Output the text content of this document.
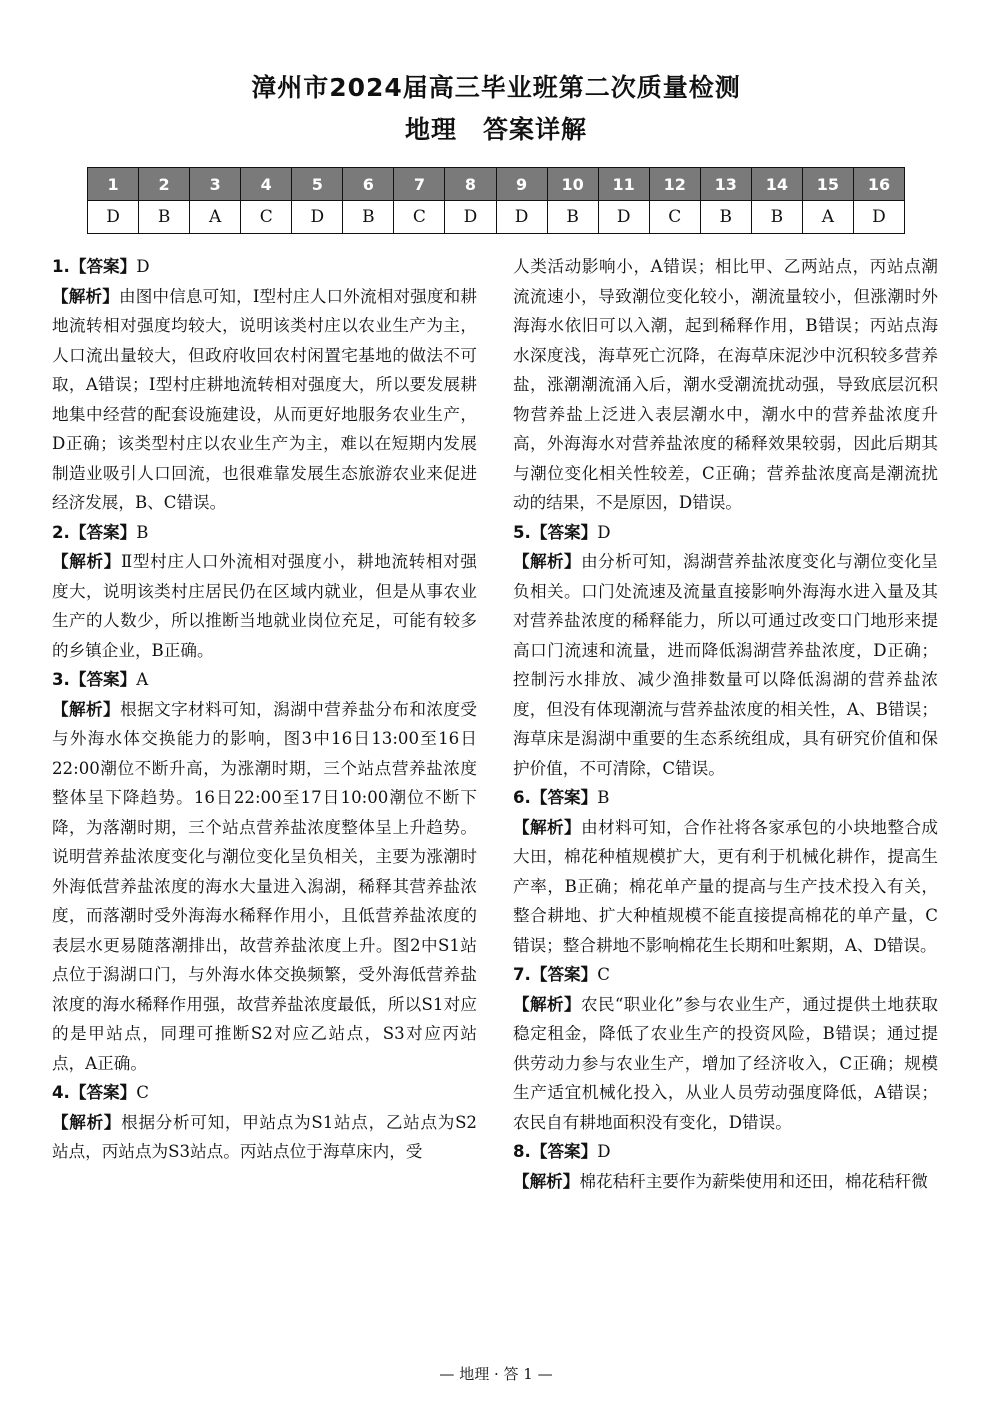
漳州市2024届高三毕业班第二次质量检测
地理　答案详解
1	2	3	4	5	6	7	8	9	10	11	12	13	14	15	16
D	B	A	C	D	B	C	D	D	B	D	C	B	B	A	D

1.【答案】D

【解析】由图中信息可知，Ⅰ型村庄人口外流相对强度和耕地流转相对强度均较大，说明该类村庄以农业生产为主，人口流出量较大，但政府收回农村闲置宅基地的做法不可取，A错误；Ⅰ型村庄耕地流转相对强度大，所以要发展耕地集中经营的配套设施建设，从而更好地服务农业生产，D正确；该类型村庄以农业生产为主，难以在短期内发展制造业吸引人口回流，也很难靠发展生态旅游农业来促进经济发展，B、C错误。

2.【答案】B

【解析】Ⅱ型村庄人口外流相对强度小，耕地流转相对强度大，说明该类村庄居民仍在区域内就业，但是从事农业生产的人数少，所以推断当地就业岗位充足，可能有较多的乡镇企业，B正确。

3.【答案】A

【解析】根据文字材料可知，潟湖中营养盐分布和浓度受与外海水体交换能力的影响，图3中16日13:00至16日22:00潮位不断升高，为涨潮时期，三个站点营养盐浓度整体呈下降趋势。16日22:00至17日10:00潮位不断下降，为落潮时期，三个站点营养盐浓度整体呈上升趋势。说明营养盐浓度变化与潮位变化呈负相关，主要为涨潮时外海低营养盐浓度的海水大量进入潟湖，稀释其营养盐浓度，而落潮时受外海海水稀释作用小，且低营养盐浓度的表层水更易随落潮排出，故营养盐浓度上升。图2中S1站点位于潟湖口门，与外海水体交换频繁，受外海低营养盐浓度的海水稀释作用强，故营养盐浓度最低，所以S1对应的是甲站点，同理可推断S2对应乙站点，S3对应丙站点，A正确。

4.【答案】C

【解析】根据分析可知，甲站点为S1站点，乙站点为S2站点，丙站点为S3站点。丙站点位于海草床内，受

人类活动影响小，A错误；相比甲、乙两站点，丙站点潮流流速小，导致潮位变化较小，潮流量较小，但涨潮时外海海水依旧可以入潮，起到稀释作用，B错误；丙站点海水深度浅，海草死亡沉降，在海草床泥沙中沉积较多营养盐，涨潮潮流涌入后，潮水受潮流扰动强，导致底层沉积物营养盐上泛进入表层潮水中，潮水中的营养盐浓度升高，外海海水对营养盐浓度的稀释效果较弱，因此后期其与潮位变化相关性较差，C正确；营养盐浓度高是潮流扰动的结果，不是原因，D错误。

5.【答案】D

【解析】由分析可知，潟湖营养盐浓度变化与潮位变化呈负相关。口门处流速及流量直接影响外海海水进入量及其对营养盐浓度的稀释能力，所以可通过改变口门地形来提高口门流速和流量，进而降低潟湖营养盐浓度，D正确；控制污水排放、减少渔排数量可以降低潟湖的营养盐浓度，但没有体现潮流与营养盐浓度的相关性，A、B错误；海草床是潟湖中重要的生态系统组成，具有研究价值和保护价值，不可清除，C错误。

6.【答案】B

【解析】由材料可知，合作社将各家承包的小块地整合成大田，棉花种植规模扩大，更有利于机械化耕作，提高生产率，B正确；棉花单产量的提高与生产技术投入有关，整合耕地、扩大种植规模不能直接提高棉花的单产量，C错误；整合耕地不影响棉花生长期和吐絮期，A、D错误。

7.【答案】C

【解析】农民“职业化”参与农业生产，通过提供土地获取稳定租金，降低了农业生产的投资风险，B错误；通过提供劳动力参与农业生产，增加了经济收入，C正确；规模生产适宜机械化投入，从业人员劳动强度降低，A错误；农民自有耕地面积没有变化，D错误。

8.【答案】D

【解析】棉花秸秆主要作为薪柴使用和还田，棉花秸秆微

— 地理 · 答 1 —
